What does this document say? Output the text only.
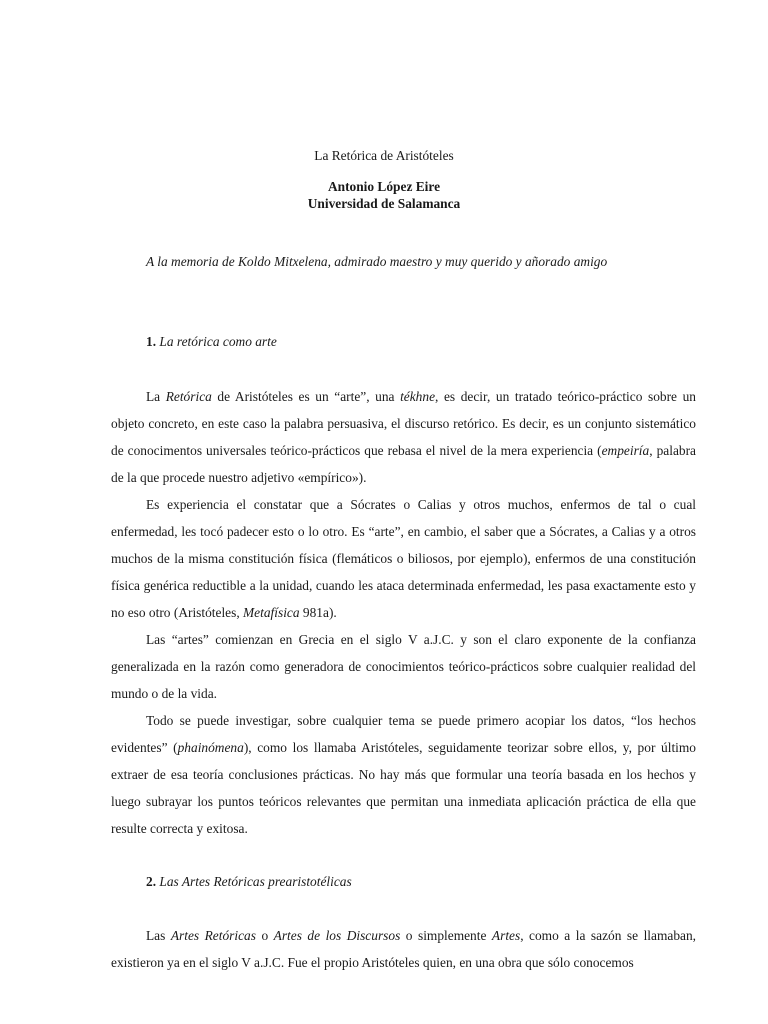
La Retórica de Aristóteles
Antonio López Eire
Universidad de Salamanca
A la memoria de Koldo Mitxelena, admirado maestro y muy querido y añorado amigo
1. La retórica como arte

La Retórica de Aristóteles es un “arte”, una tékhne, es decir, un tratado teórico-práctico sobre un objeto concreto, en este caso la palabra persuasiva, el discurso retórico. Es decir, es un conjunto sistemático de conocimentos universales teórico-prácticos que rebasa el nivel de la mera experiencia (empeiría, palabra de la que procede nuestro adjetivo «empírico»).

Es experiencia el constatar que a Sócrates o Calias y otros muchos, enfermos de tal o cual enfermedad, les tocó padecer esto o lo otro. Es “arte”, en cambio, el saber que a Sócrates, a Calias y a otros muchos de la misma constitución física (flemáticos o biliosos, por ejemplo), enfermos de una constitución física genérica reductible a la unidad, cuando les ataca determinada enfermedad, les pasa exactamente esto y no eso otro (Aristóteles, Metafísica 981a).

Las “artes” comienzan en Grecia en el siglo V a.J.C. y son el claro exponente de la confianza generalizada en la razón como generadora de conocimientos teórico-prácticos sobre cualquier realidad del mundo o de la vida.

Todo se puede investigar, sobre cualquier tema se puede primero acopiar los datos, “los hechos evidentes” (phainómena), como los llamaba Aristóteles, seguidamente teorizar sobre ellos, y, por último extraer de esa teoría conclusiones prácticas. No hay más que formular una teoría basada en los hechos y luego subrayar los puntos teóricos relevantes que permitan una inmediata aplicación práctica de ella que resulte correcta y exitosa.

2. Las Artes Retóricas prearistotélicas

Las Artes Retóricas o Artes de los Discursos o simplemente Artes, como a la sazón se llamaban, existieron ya en el siglo V a.J.C. Fue el propio Aristóteles quien, en una obra que sólo conocemos
